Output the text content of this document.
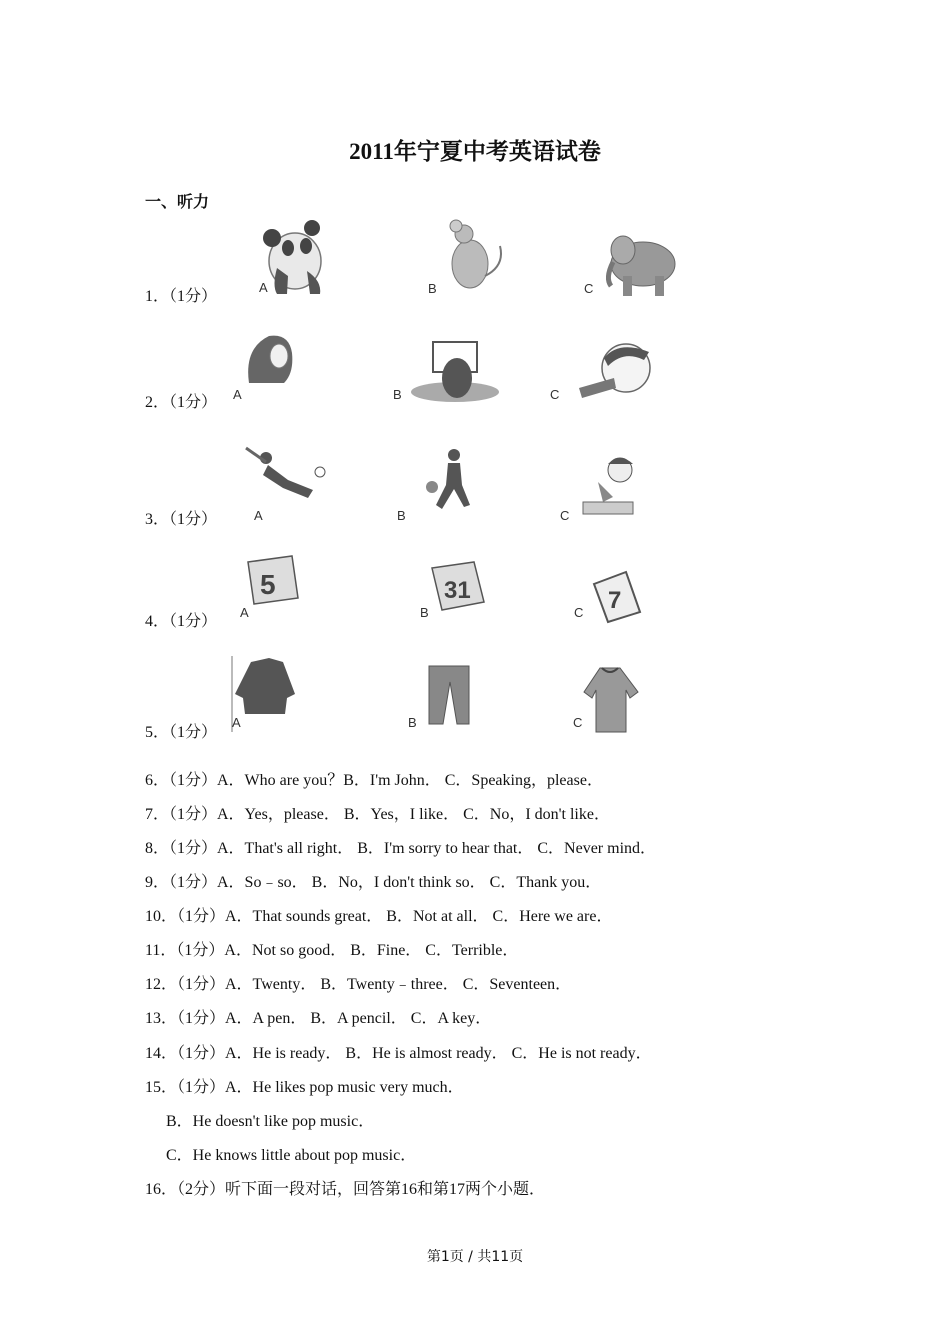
2011年宁夏中考英语试卷
一、听力
1．（1分）
A	B	C
2．（1分） A	B	C
3．（1分）	A	B	C
4．（1分）
5
A
31
B	7
C
5．（1分）
A	B	C
6．（1分）A．Who are you？B．I'm John． C．Speaking，please．
7．（1分）A．Yes，please． B．Yes，I like． C．No，I don't like．
8．（1分）A．That's all right． B．I'm sorry to hear that． C．Never mind．
9．（1分）A．So﹣so． B．No，I don't think so． C．Thank you．
10．（1分）A．That sounds great． B．Not at all． C．Here we are．
11．（1分）A．Not so good． B．Fine． C．Terrible．
12．（1分）A．Twenty． B．Twenty﹣three． C．Seventeen．
13．（1分）A．A pen． B．A pencil． C．A key．
14．（1分）A．He is ready． B．He is almost ready． C．He is not ready．
15．（1分）A．He likes pop music very much．
B．He doesn't like pop music．
C．He knows little about pop music．
16．（2分）听下面一段对话，回答第16和第17两个小题．
第1页 / 共11页
